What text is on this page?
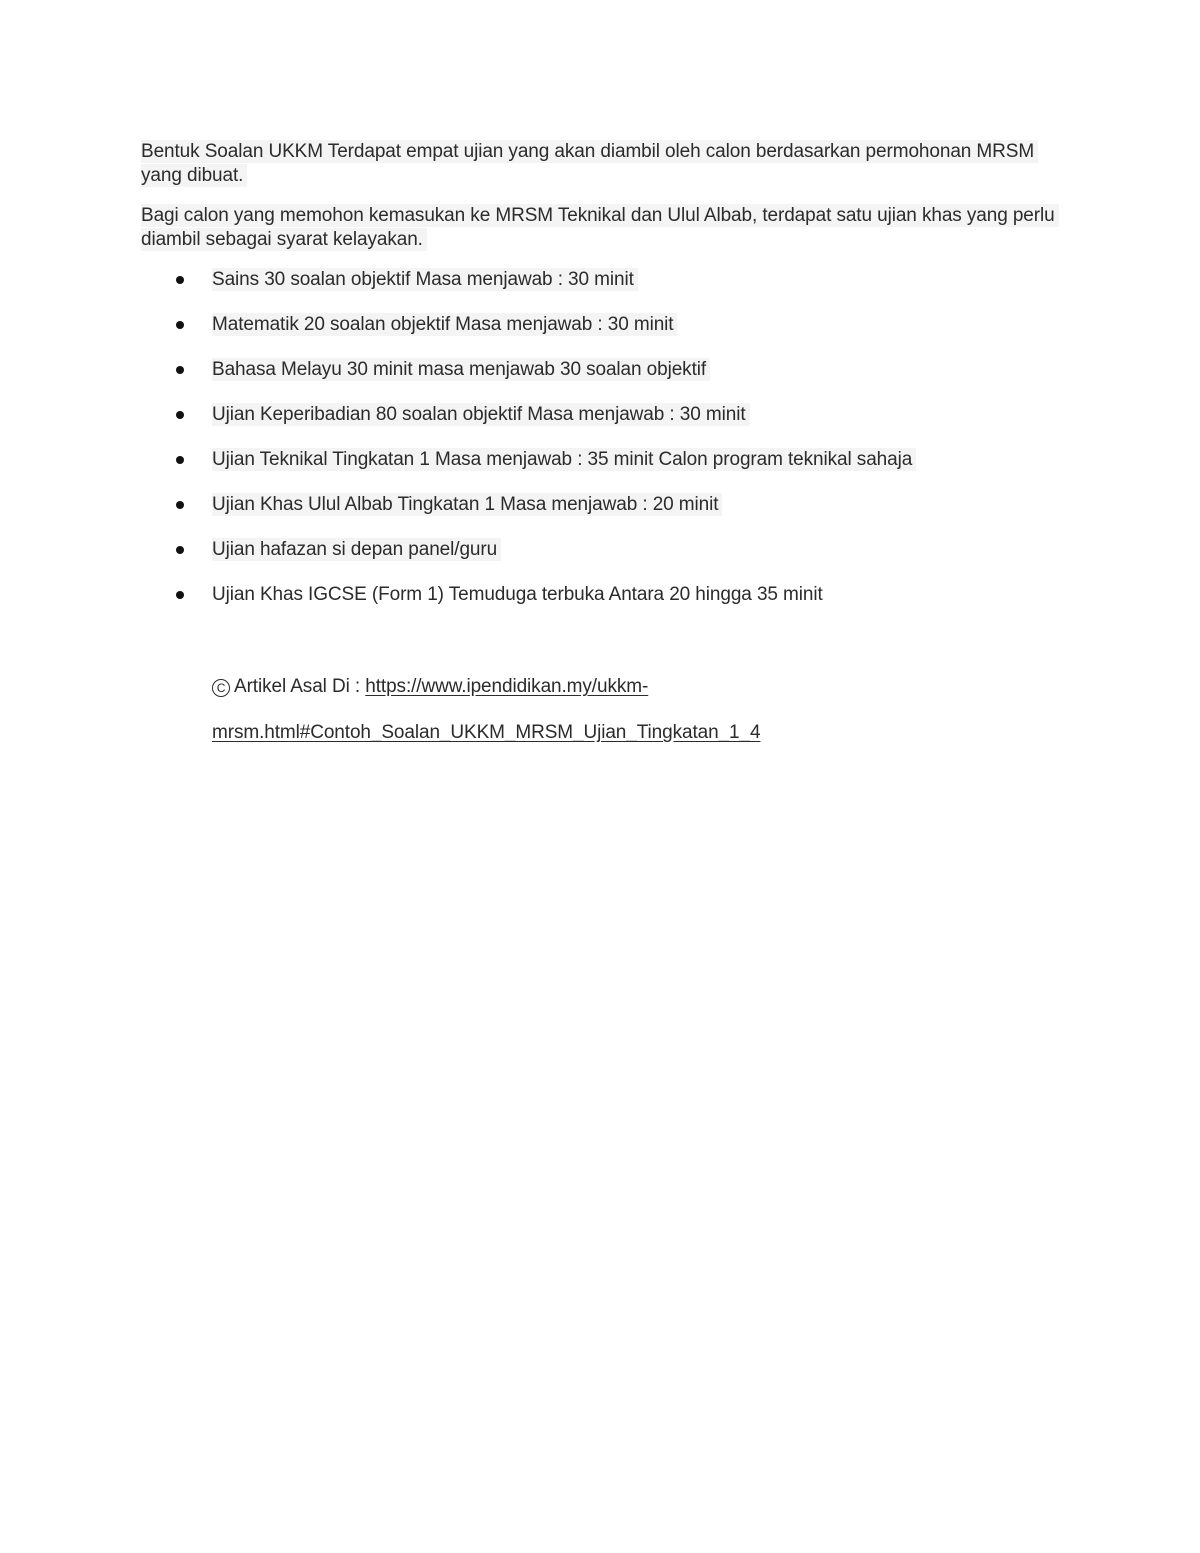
Bentuk Soalan UKKM Terdapat empat ujian yang akan diambil oleh calon berdasarkan permohonan MRSM yang dibuat.

Bagi calon yang memohon kemasukan ke MRSM Teknikal dan Ulul Albab, terdapat satu ujian khas yang perlu diambil sebagai syarat kelayakan.

Sains 30 soalan objektif Masa menjawab : 30 minit
Matematik 20 soalan objektif Masa menjawab : 30 minit
Bahasa Melayu 30 minit masa menjawab 30 soalan objektif
Ujian Keperibadian 80 soalan objektif Masa menjawab : 30 minit
Ujian Teknikal Tingkatan 1 Masa menjawab : 35 minit Calon program teknikal sahaja
Ujian Khas Ulul Albab Tingkatan 1 Masa menjawab : 20 minit
Ujian hafazan si depan panel/guru
Ujian Khas IGCSE (Form 1) Temuduga terbuka Antara 20 hingga 35 minit
C Artikel Asal Di : https://www.ipendidikan.my/ukkm-
mrsm.html#Contoh_Soalan_UKKM_MRSM_Ujian_Tingkatan_1_4
